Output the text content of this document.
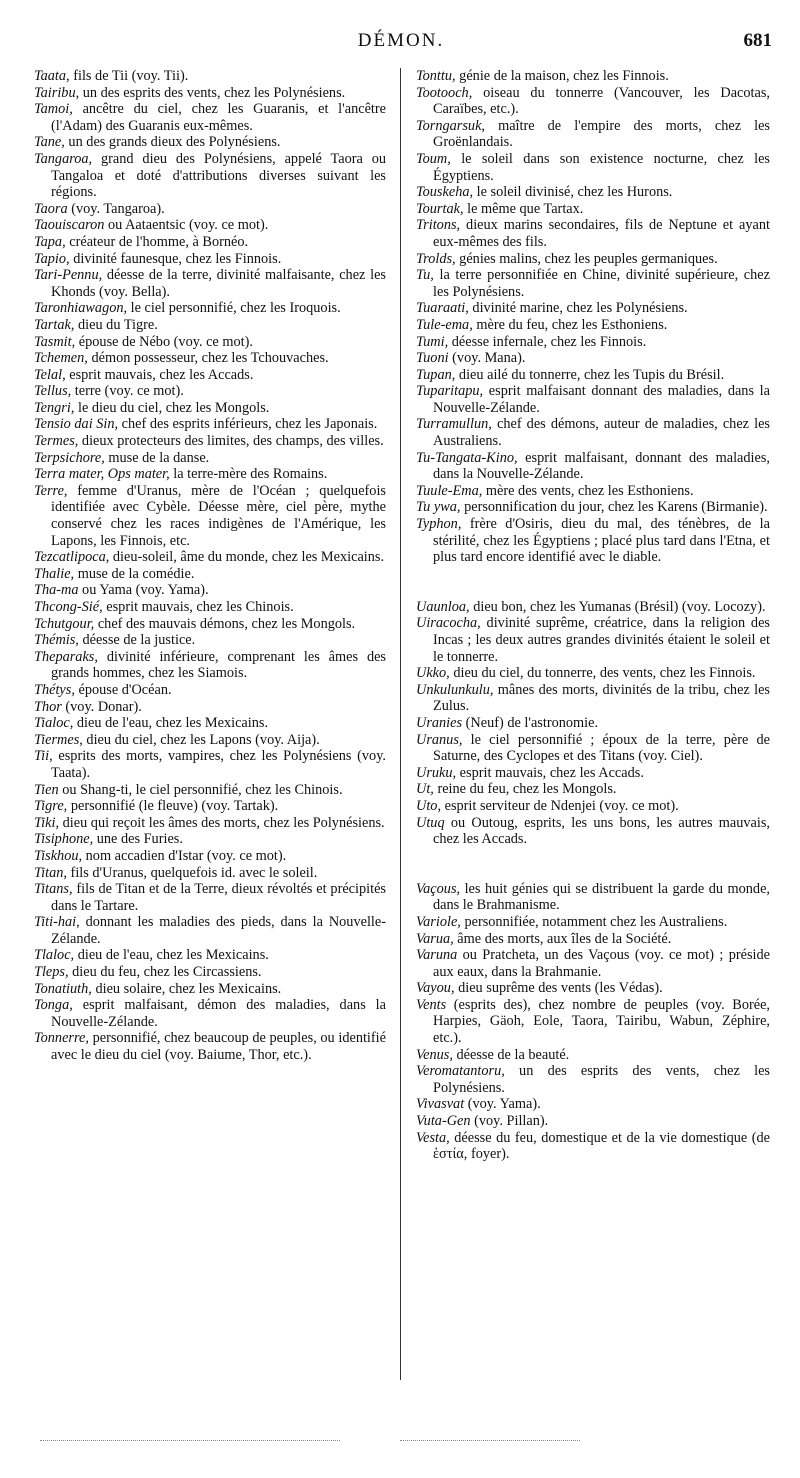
DÉMON.	681

Taata, fils de Tii (voy. Tii).

Tairibu, un des esprits des vents, chez les Polynésiens.

Tamoi, ancêtre du ciel, chez les Guaranis, et l'ancêtre (l'Adam) des Guaranis eux-mêmes.

Tane, un des grands dieux des Polynésiens.

Tangaroa, grand dieu des Polynésiens, appelé Taora ou Tangaloa et doté d'attributions diverses suivant les régions.

Taora (voy. Tangaroa).

Taouiscaron ou Aataentsic (voy. ce mot).

Tapa, créateur de l'homme, à Bornéo.

Tapio, divinité faunesque, chez les Finnois.

Tari-Pennu, déesse de la terre, divinité malfaisante, chez les Khonds (voy. Bella).

Taronhiawagon, le ciel personnifié, chez les Iroquois.

Tartak, dieu du Tigre.

Tasmit, épouse de Nébo (voy. ce mot).

Tchemen, démon possesseur, chez les Tchouvaches.

Telal, esprit mauvais, chez les Accads.

Tellus, terre (voy. ce mot).

Tengri, le dieu du ciel, chez les Mongols.

Tensio dai Sin, chef des esprits inférieurs, chez les Japonais.

Termes, dieux protecteurs des limites, des champs, des villes.

Terpsichore, muse de la danse.

Terra mater, Ops mater, la terre-mère des Romains.

Terre, femme d'Uranus, mère de l'Océan ; quelquefois identifiée avec Cybèle. Déesse mère, ciel père, mythe conservé chez les races indigènes de l'Amérique, les Lapons, les Finnois, etc.

Tezcatlipoca, dieu-soleil, âme du monde, chez les Mexicains.

Thalie, muse de la comédie.

Tha-ma ou Yama (voy. Yama).

Thcong-Sié, esprit mauvais, chez les Chinois.

Tchutgour, chef des mauvais démons, chez les Mongols.

Thémis, déesse de la justice.

Theparaks, divinité inférieure, comprenant les âmes des grands hommes, chez les Siamois.

Thétys, épouse d'Océan.

Thor (voy. Donar).

Tialoc, dieu de l'eau, chez les Mexicains.

Tiermes, dieu du ciel, chez les Lapons (voy. Aija).

Tii, esprits des morts, vampires, chez les Polynésiens (voy. Taata).

Tien ou Shang-ti, le ciel personnifié, chez les Chinois.

Tigre, personnifié (le fleuve) (voy. Tartak).

Tiki, dieu qui reçoit les âmes des morts, chez les Polynésiens.

Tisiphone, une des Furies.

Tiskhou, nom accadien d'Istar (voy. ce mot).

Titan, fils d'Uranus, quelquefois id. avec le soleil.

Titans, fils de Titan et de la Terre, dieux révoltés et précipités dans le Tartare.

Titi-hai, donnant les maladies des pieds, dans la Nouvelle-Zélande.

Tlaloc, dieu de l'eau, chez les Mexicains.

Tleps, dieu du feu, chez les Circassiens.

Tonatiuth, dieu solaire, chez les Mexicains.

Tonga, esprit malfaisant, démon des maladies, dans la Nouvelle-Zélande.

Tonnerre, personnifié, chez beaucoup de peuples, ou identifié avec le dieu du ciel (voy. Baiume, Thor, etc.).

Tonttu, génie de la maison, chez les Finnois.

Tootooch, oiseau du tonnerre (Vancouver, les Dacotas, Caraïbes, etc.).

Torngarsuk, maître de l'empire des morts, chez les Groënlandais.

Toum, le soleil dans son existence nocturne, chez les Égyptiens.

Touskeha, le soleil divinisé, chez les Hurons.

Tourtak, le même que Tartax.

Tritons, dieux marins secondaires, fils de Neptune et ayant eux-mêmes des fils.

Trolds, génies malins, chez les peuples germaniques.

Tu, la terre personnifiée en Chine, divinité supérieure, chez les Polynésiens.

Tuaraati, divinité marine, chez les Polynésiens.

Tule-ema, mère du feu, chez les Esthoniens.

Tumi, déesse infernale, chez les Finnois.

Tuoni (voy. Mana).

Tupan, dieu ailé du tonnerre, chez les Tupis du Brésil.

Tuparitapu, esprit malfaisant donnant des maladies, dans la Nouvelle-Zélande.

Turramullun, chef des démons, auteur de maladies, chez les Australiens.

Tu-Tangata-Kino, esprit malfaisant, donnant des maladies, dans la Nouvelle-Zélande.

Tuule-Ema, mère des vents, chez les Esthoniens.

Tu ywa, personnification du jour, chez les Karens (Birmanie).

Typhon, frère d'Osiris, dieu du mal, des ténèbres, de la stérilité, chez les Égyptiens ; placé plus tard dans l'Etna, et plus tard encore identifié avec le diable.

Uaunloa, dieu bon, chez les Yumanas (Brésil) (voy. Locozy).

Uiracocha, divinité suprême, créatrice, dans la religion des Incas ; les deux autres grandes divinités étaient le soleil et le tonnerre.

Ukko, dieu du ciel, du tonnerre, des vents, chez les Finnois.

Unkulunkulu, mânes des morts, divinités de la tribu, chez les Zulus.

Uranies (Neuf) de l'astronomie.

Uranus, le ciel personnifié ; époux de la terre, père de Saturne, des Cyclopes et des Titans (voy. Ciel).

Uruku, esprit mauvais, chez les Accads.

Ut, reine du feu, chez les Mongols.

Uto, esprit serviteur de Ndenjei (voy. ce mot).

Utuq ou Outoug, esprits, les uns bons, les autres mauvais, chez les Accads.

Vaçous, les huit génies qui se distribuent la garde du monde, dans le Brahmanisme.

Variole, personnifiée, notamment chez les Australiens.

Varua, âme des morts, aux îles de la Société.

Varuna ou Pratcheta, un des Vaçous (voy. ce mot) ; préside aux eaux, dans la Brahmanie.

Vayou, dieu suprême des vents (les Védas).

Vents (esprits des), chez nombre de peuples (voy. Borée, Harpies, Gäoh, Eole, Taora, Tairibu, Wabun, Zéphire, etc.).

Venus, déesse de la beauté.

Veromatantoru, un des esprits des vents, chez les Polynésiens.

Vivasvat (voy. Yama).

Vuta-Gen (voy. Pillan).

Vesta, déesse du feu, domestique et de la vie domestique (de ἑστία, foyer).
